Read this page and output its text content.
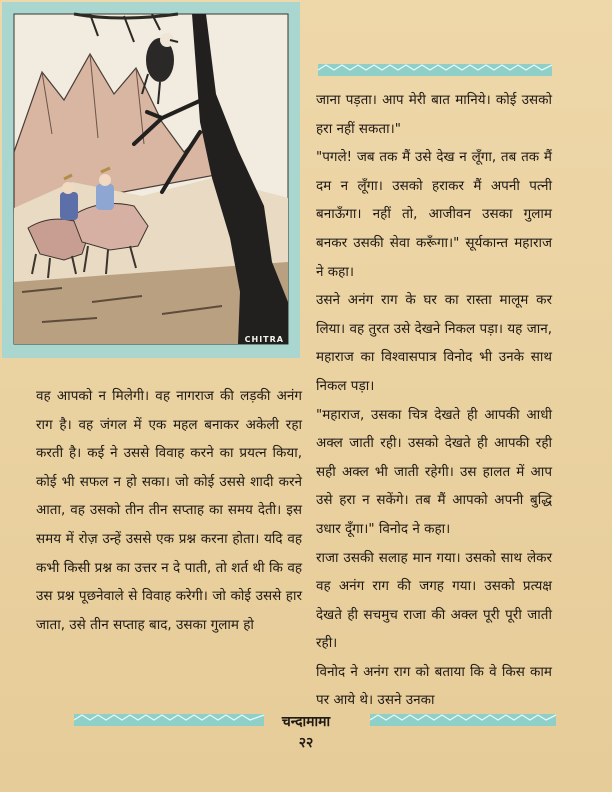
CHITRA

जाना पड़ता। आप मेरी बात मानिये। कोई उसको हरा नहीं सकता।"

"पगले! जब तक मैं उसे देख न लूँगा, तब तक मैं दम न लूँगा। उसको हराकर मैं अपनी पत्नी बनाऊँगा। नहीं तो, आजीवन उसका गुलाम बनकर उसकी सेवा करूँगा।" सूर्यकान्त महाराज ने कहा।

उसने अनंग राग के घर का रास्ता मालूम कर लिया। वह तुरत उसे देखने निकल पड़ा। यह जान, महाराज का विश्वासपात्र विनोद भी उनके साथ निकल पड़ा।

"महाराज, उसका चित्र देखते ही आपकी आधी अक्ल जाती रही। उसको देखते ही आपकी रही सही अक्ल भी जाती रहेगी। उस हालत में आप उसे हरा न सकेंगे। तब मैं आपको अपनी बुद्धि उधार दूँगा।" विनोद ने कहा।

राजा उसकी सलाह मान गया। उसको साथ लेकर वह अनंग राग की जगह गया। उसको प्रत्यक्ष देखते ही सचमुच राजा की अक्ल पूरी पूरी जाती रही।

विनोद ने अनंग राग को बताया कि वे किस काम पर आये थे। उसने उनका

वह आपको न मिलेगी। वह नागराज की लड़की अनंग राग है। वह जंगल में एक महल बनाकर अकेली रहा करती है। कई ने उससे विवाह करने का प्रयत्न किया, कोई भी सफल न हो सका। जो कोई उससे शादी करने आता, वह उसको तीन तीन सप्ताह का समय देती। इस समय में रोज़ उन्हें उससे एक प्रश्न करना होता। यदि वह कभी किसी प्रश्न का उत्तर न दे पाती, तो शर्त थी कि वह उस प्रश्न पूछनेवाले से विवाह करेगी। जो कोई उससे हार जाता, उसे तीन सप्ताह बाद, उसका गुलाम हो

चन्दामामा
२२
